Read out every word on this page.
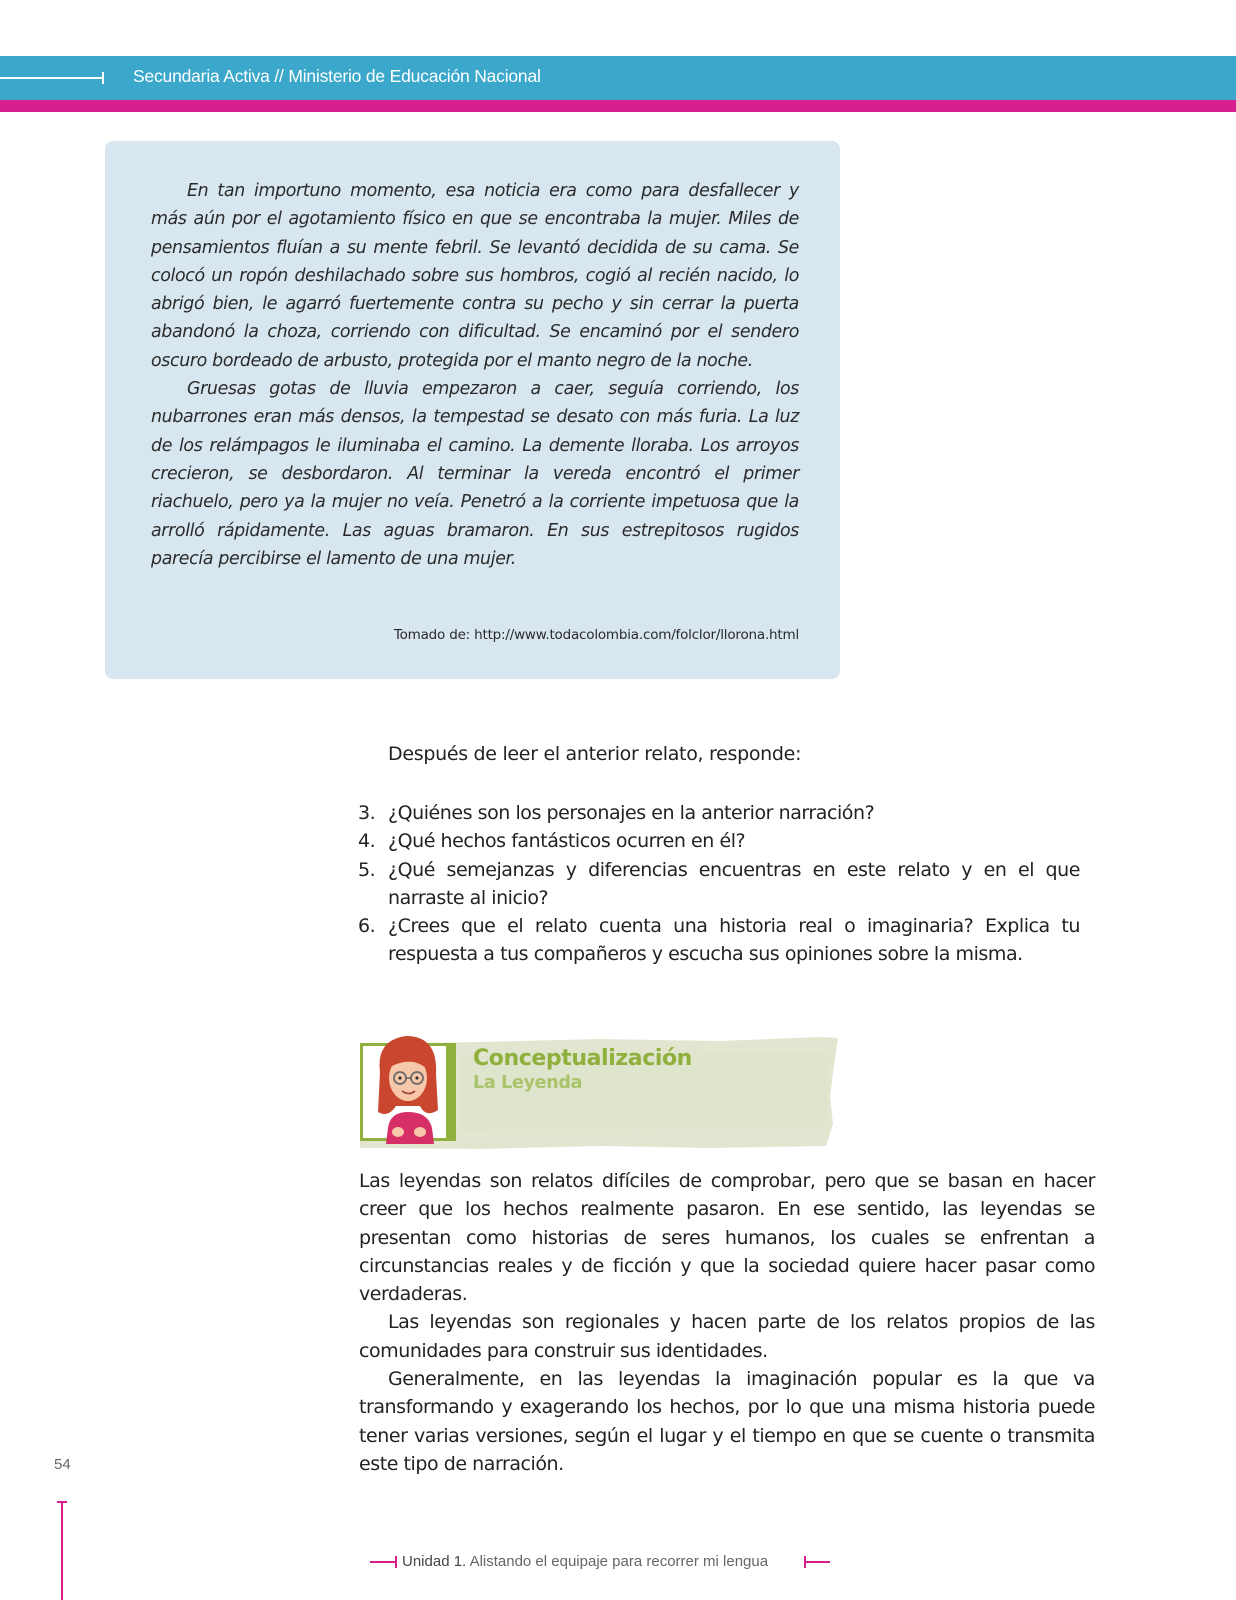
Secundaria Activa // Ministerio de Educación Nacional

En tan importuno momento, esa noticia era como para desfallecer y más aún por el agotamiento físico en que se encontraba la mujer. Miles de pensamientos fluían a su mente febril. Se levantó decidida de su cama. Se colocó un ropón deshilachado sobre sus hombros, cogió al recién nacido, lo abrigó bien, le agarró fuertemente contra su pecho y sin cerrar la puerta abandonó la choza, corriendo con dificultad. Se encaminó por el sendero oscuro bordeado de arbusto, protegida por el manto negro de la noche.

Gruesas gotas de lluvia empezaron a caer, seguía corriendo, los nubarrones eran más densos, la tempestad se desato con más furia. La luz de los relámpagos le iluminaba el camino. La demente lloraba. Los arroyos crecieron, se desbordaron. Al terminar la vereda encontró el primer riachuelo, pero ya la mujer no veía. Penetró a la corriente impetuosa que la arrolló rápidamente. Las aguas bramaron. En sus estrepitosos rugidos parecía percibirse el lamento de una mujer.

Tomado de: http://www.todacolombia.com/folclor/llorona.html
Después de leer el anterior relato, responde:
3. ¿Quiénes son los personajes en la anterior narración?
4. ¿Qué hechos fantásticos ocurren en él?
5. ¿Qué semejanzas y diferencias encuentras en este relato y en el que narraste al inicio?
6. ¿Crees que el relato cuenta una historia real o imaginaria? Explica tu respuesta a tus compañeros y escucha sus opiniones sobre la misma.
Conceptualización
La Leyenda

Las leyendas son relatos difíciles de comprobar, pero que se basan en hacer creer que los hechos realmente pasaron. En ese sentido, las leyendas se presentan como historias de seres humanos, los cuales se enfrentan a circunstancias reales y de ficción y que la sociedad quiere hacer pasar como verdaderas.

Las leyendas son regionales y hacen parte de los relatos propios de las comunidades para construir sus identidades.

Generalmente, en las leyendas la imaginación popular es la que va transformando y exagerando los hechos, por lo que una misma historia puede tener varias versiones, según el lugar y el tiempo en que se cuente o transmita este tipo de narración.

54
Unidad 1. Alistando el equipaje para recorrer mi lengua
